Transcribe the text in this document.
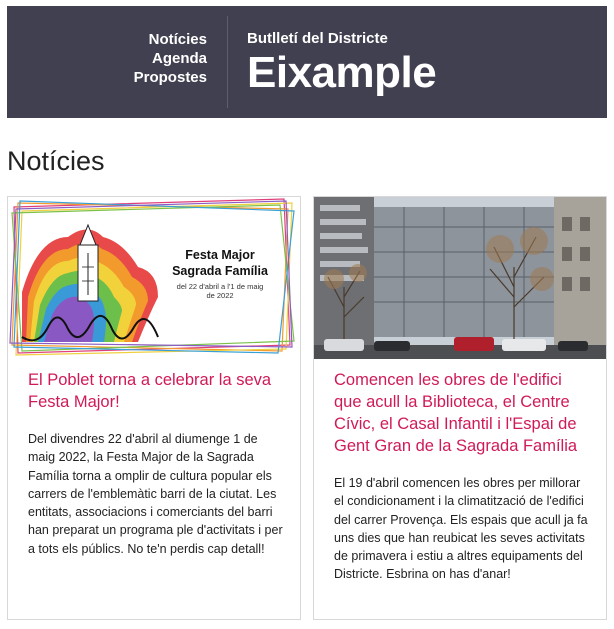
Notícies
Agenda
Propostes
Butlletí del Districte
Eixample
Notícies
Festa Major
Sagrada Família
del 22 d'abril a l'1 de maig
de 2022
El Poblet torna a celebrar la seva Festa Major!

Del divendres 22 d'abril al diumenge 1 de maig 2022, la Festa Major de la Sagrada Família torna a omplir de cultura popular els carrers de l'emblemàtic barri de la ciutat. Les entitats, associacions i comerciants del barri han preparat un programa ple d'activitats i per a tots els públics. No te'n perdis cap detall!

Comencen les obres de l'edifici que acull la Biblioteca, el Centre Cívic, el Casal Infantil i l'Espai de Gent Gran de la Sagrada Família

El 19 d'abril comencen les obres per millorar el condicionament i la climatització de l'edifici del carrer Provença. Els espais que acull ja fa uns dies que han reubicat les seves activitats de primavera i estiu a altres equipaments del Districte. Esbrina on has d'anar!
